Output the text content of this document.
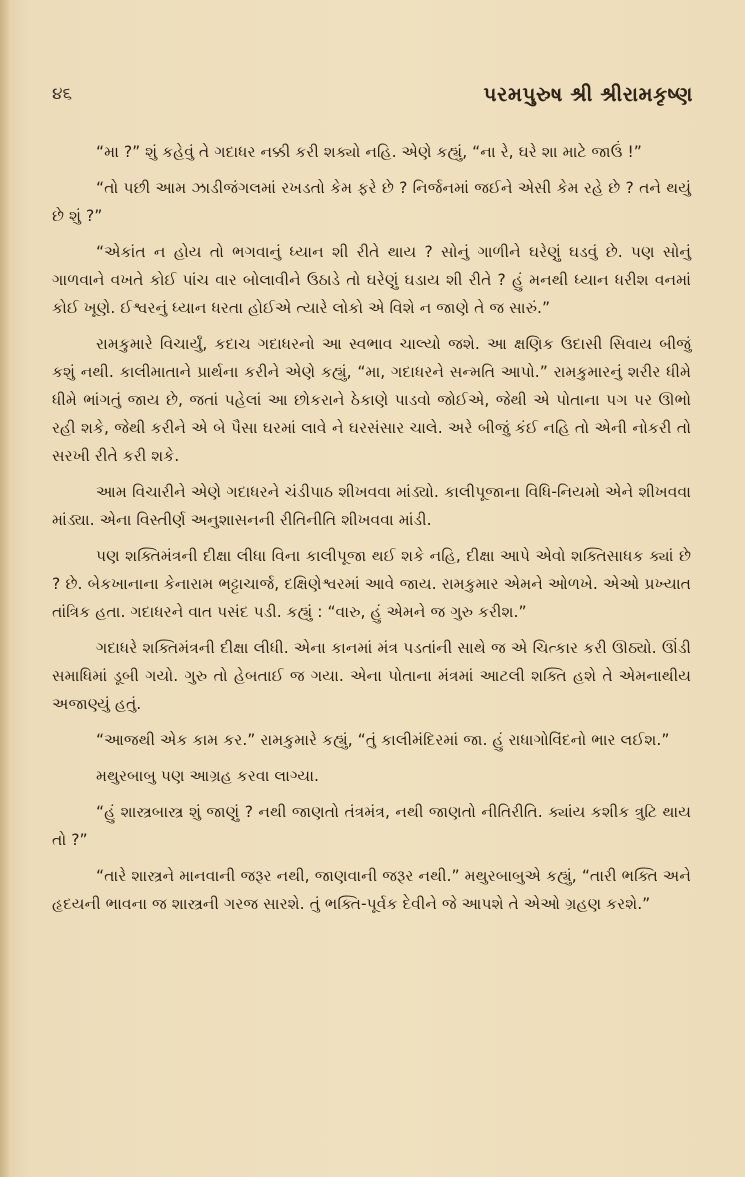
૪૬	પરમપુરુષ શ્રી શ્રીરામકૃષ્ણ

“મા ?” શું કહેવું તે ગદાધર નક્કી કરી શક્યો નહિ. એણે કહ્યું, “ના રે, ઘરે શા માટે જાઉં !”

“તો પછી આમ ઝાડીજંગલમાં રખડતો કેમ ફરે છે ? નિર્જનમાં જઈને એસી કેમ રહે છે ? તને થયું છે શું ?”

“એકાંત ન હોય તો ભગવાનું ધ્યાન શી રીતે થાય ? સોનું ગાળીને ઘરેણું ઘડવું છે. પણ સોનું ગાળવાને વખતે કોઈ પાંચ વાર બોલાવીને ઉઠાડે તો ઘરેણું ઘડાય શી રીતે ? હું મનથી ધ્યાન ધરીશ વનમાં કોઈ ખૂણે. ઈશ્વરનું ધ્યાન ધરતા હોઈએ ત્યારે લોકો એ વિશે ન જાણે તે જ સારું.”

રામકુમારે વિચાર્યું, કદાચ ગદાધરનો આ સ્વભાવ ચાલ્યો જશે. આ ક્ષણિક ઉદાસી સિવાય બીજું કશું નથી. કાલીમાતાને પ્રાર્થના કરીને એણે કહ્યું, “મા, ગદાધરને સન્મતિ આપો.” રામકુમારનું શરીર ધીમે ધીમે ભાંગતું જાય છે, જતાં પહેલાં આ છોકરાને ઠેકાણે પાડવો જોઈએ, જેથી એ પોતાના પગ પર ઊભો રહી શકે, જેથી કરીને એ બે પૈસા ઘરમાં લાવે ને ઘરસંસાર ચાલે. અરે બીજું કંઈ નહિ તો એની નોકરી તો સરખી રીતે કરી શકે.

આમ વિચારીને એણે ગદાધરને ચંડીપાઠ શીખવવા માંડ્યો. કાલીપૂજાના વિધિ-નિયમો એને શીખવવા માંડ્યા. એના વિસ્તીર્ણ અનુશાસનની રીતિનીતિ શીખવવા માંડી.

પણ શક્તિમંત્રની દીક્ષા લીધા વિના કાલીપૂજા થઈ શકે નહિ, દીક્ષા આપે એવો શક્તિસાધક ક્યાં છે ? છે. બેકખાનાના કેનારામ ભટ્ટાચાર્જ, દક્ષિણેશ્વરમાં આવે જાય. રામકુમાર એમને ઓળખે. એઓ પ્રખ્યાત તાંત્રિક હતા. ગદાધરને વાત પસંદ પડી. કહ્યું : “વારુ, હું એમને જ ગુરુ કરીશ.”

ગદાધરે શક્તિમંત્રની દીક્ષા લીધી. એના કાનમાં મંત્ર પડતાંની સાથે જ એ ચિત્કાર કરી ઊઠ્યો. ઊંડી સમાધિમાં ડૂબી ગયો. ગુરુ તો હેબતાઈ જ ગયા. એના પોતાના મંત્રમાં આટલી શક્તિ હશે તે એમનાથીય અજાણ્યું હતું.

“આજથી એક કામ કર.” રામકુમારે કહ્યું, “તું કાલીમંદિરમાં જા. હું રાધાગોવિંદનો ભાર લઈશ.”

મથુરબાબુ પણ આગ્રહ કરવા લાગ્યા.

“હું શાસ્ત્રબાસ્ત્ર શું જાણું ? નથી જાણતો તંત્રમંત્ર, નથી જાણતો નીતિરીતિ. ક્યાંય કશીક ત્રુટિ થાય તો ?”

“તારે શાસ્ત્રને માનવાની જરૂર નથી, જાણવાની જરૂર નથી.” મથુરબાબુએ કહ્યું, “તારી ભક્તિ અને હૃદયની ભાવના જ શાસ્ત્રની ગરજ સારશે. તું ભક્તિ-પૂર્વક દેવીને જે આપશે તે એઓ ગ્રહણ કરશે.”
